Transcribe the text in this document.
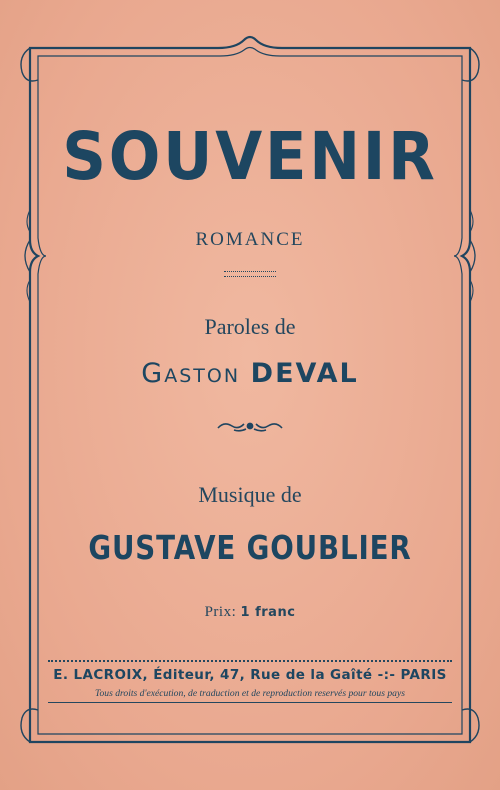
SOUVENIR
ROMANCE
Paroles de
Gaston DEVAL
Musique de
GUSTAVE GOUBLIER
Prix: 1 franc
E. LACROIX, Éditeur, 47, Rue de la Gaîté -:- PARIS
Tous droits d'exécution, de traduction et de reproduction reservés pour tous pays
